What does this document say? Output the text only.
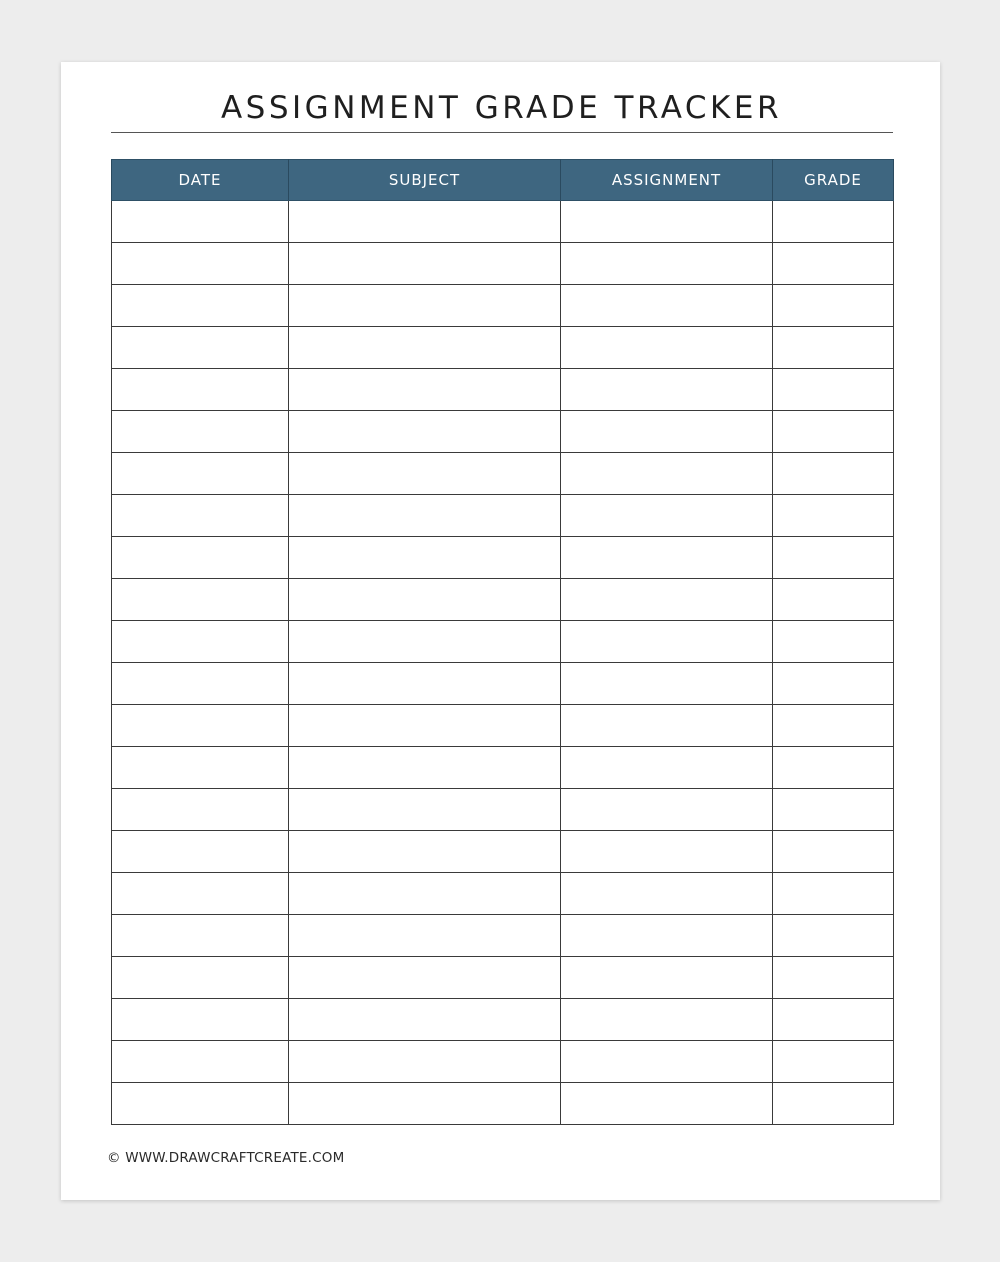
ASSIGNMENT GRADE TRACKER
DATE	SUBJECT	ASSIGNMENT	GRADE

© WWW.DRAWCRAFTCREATE.COM
